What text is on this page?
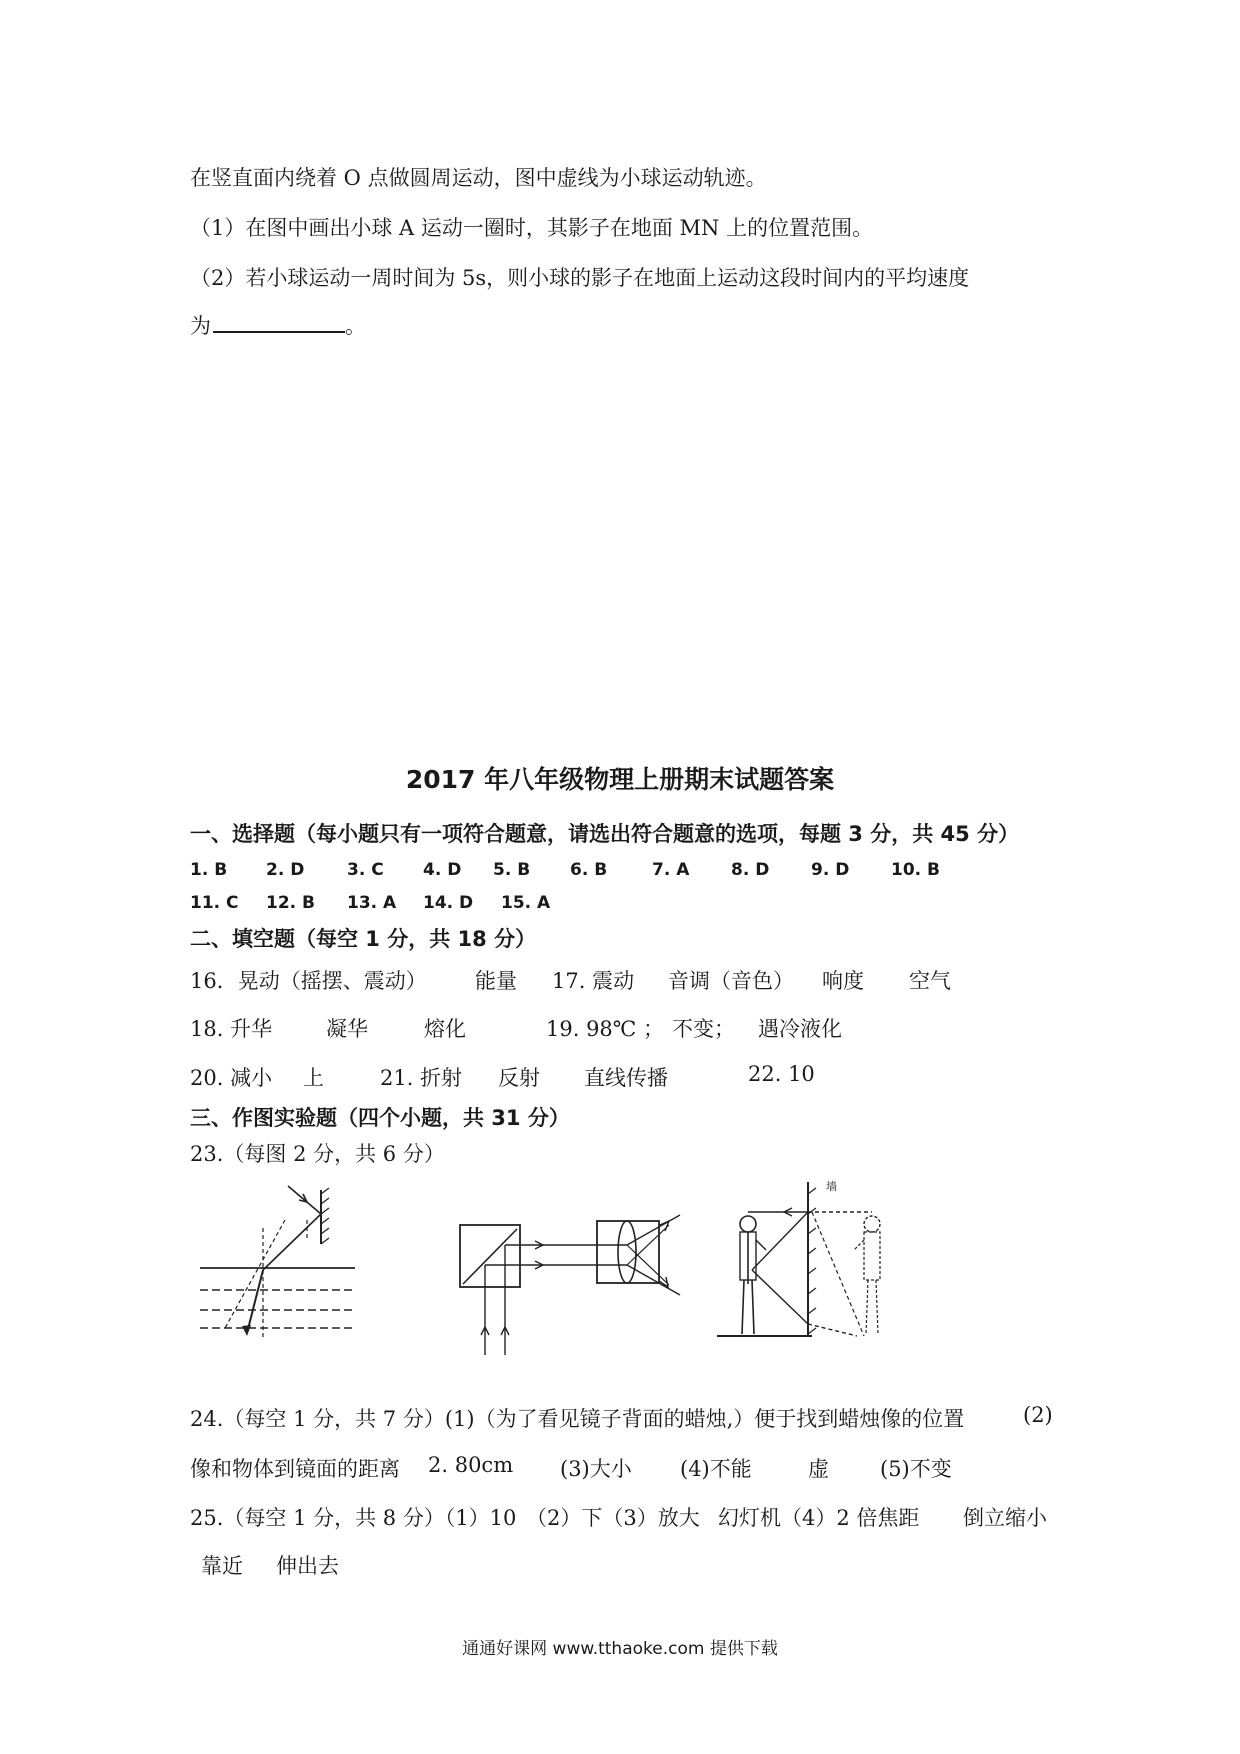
在竖直面内绕着 O 点做圆周运动，图中虚线为小球运动轨迹。
（1）在图中画出小球 A 运动一圈时，其影子在地面 MN 上的位置范围。
（2）若小球运动一周时间为 5s，则小球的影子在地面上运动这段时间内的平均速度
为	。
2017 年八年级物理上册期末试题答案
一、选择题（每小题只有一项符合题意，请选出符合题意的选项，每题 3 分，共 45 分）
1. B 2. D	3. C 4. D 5. B 6. B	7. A 8. D 9. D 10. B
11. C 12. B 13. A 14. D 15. A
二、填空题（每空 1 分，共 18 分）
16．晃动（摇摆、震动） 能量 17. 震动 音调（音色） 响度 空气
18. 升华	凝华	熔化	19. 98℃ ； 不变； 遇冷液化
20. 减小 上	21. 折射 反射 直线传播	22. 10
三、作图实验题（四个小题，共 31 分）
23.（每图 2 分，共 6 分）
墙
24.（每空 1 分，共 7 分）(1)（为了看见镜子背面的蜡烛,）便于找到蜡烛像的位置	(2)
像和物体到镜面的距离 2. 80cm (3)大小 (4)不能	虚 (5)不变
25.（每空 1 分，共 8 分）（1）10 （2）下（3）放大 幻灯机（4）2 倍焦距 倒立缩小
靠近 伸出去
通通好课网 www.tthaoke.com 提供下载
